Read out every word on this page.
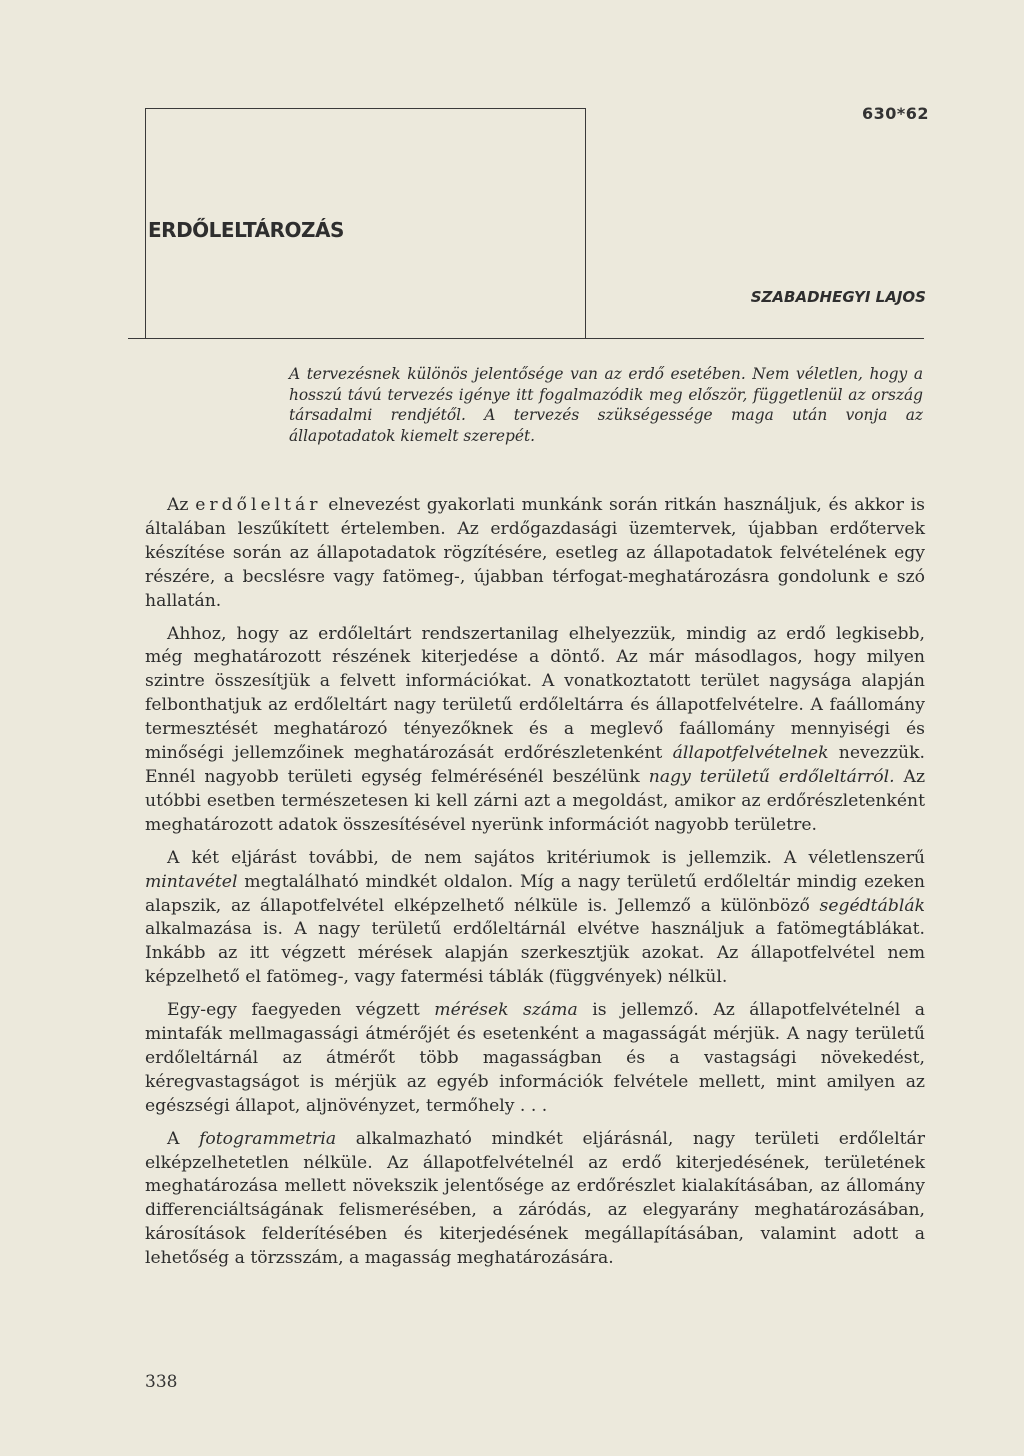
630*62
ERDŐLELTÁROZÁS
SZABADHEGYI LAJOS

A tervezésnek különös jelentősége van az erdő esetében. Nem véletlen, hogy a hosszú távú tervezés igénye itt fogalmazódik meg először, függetlenül az ország társadalmi rendjétől. A tervezés szükségessége maga után vonja az állapotadatok kiemelt szerepét.

Az erdőleltár elnevezést gyakorlati munkánk során ritkán használjuk, és akkor is általában leszűkített értelemben. Az erdőgazdasági üzemtervek, újabban erdőtervek készítése során az állapotadatok rögzítésére, esetleg az állapotadatok felvételének egy részére, a becslésre vagy fatömeg-, újabban térfogat-meghatározásra gondolunk e szó hallatán.

Ahhoz, hogy az erdőleltárt rendszertanilag elhelyezzük, mindig az erdő legkisebb, még meghatározott részének kiterjedése a döntő. Az már másodlagos, hogy milyen szintre összesítjük a felvett információkat. A vonatkoztatott terület nagysága alapján felbonthatjuk az erdőleltárt nagy területű erdőleltárra és állapotfelvételre. A faállomány termesztését meghatározó tényezőknek és a meglevő faállomány mennyiségi és minőségi jellemzőinek meghatározását erdőrészletenként állapotfelvételnek nevezzük. Ennél nagyobb területi egység felmérésénél beszélünk nagy területű erdőleltárról. Az utóbbi esetben természetesen ki kell zárni azt a megoldást, amikor az erdőrészletenként meghatározott adatok összesítésével nyerünk információt nagyobb területre.

A két eljárást további, de nem sajátos kritériumok is jellemzik. A véletlenszerű mintavétel megtalálható mindkét oldalon. Míg a nagy területű erdőleltár mindig ezeken alapszik, az állapotfelvétel elképzelhető nélküle is. Jellemző a különböző segédtáblák alkalmazása is. A nagy területű erdőleltárnál elvétve használjuk a fatömegtáblákat. Inkább az itt végzett mérések alapján szerkesztjük azokat. Az állapotfelvétel nem képzelhető el fatömeg-, vagy fatermési táblák (függvények) nélkül.

Egy-egy faegyeden végzett mérések száma is jellemző. Az állapotfelvételnél a mintafák mellmagassági átmérőjét és esetenként a magasságát mérjük. A nagy területű erdőleltárnál az átmérőt több magasságban és a vastagsági növekedést, kéregvastagságot is mérjük az egyéb információk felvétele mellett, mint amilyen az egészségi állapot, aljnövényzet, termőhely . . .

A fotogrammetria alkalmazható mindkét eljárásnál, nagy területi erdőleltár elképzelhetetlen nélküle. Az állapotfelvételnél az erdő kiterjedésének, területének meghatározása mellett növekszik jelentősége az erdőrészlet kialakításában, az állomány differenciáltságának felismerésében, a záródás, az elegyarány meghatározásában, károsítások felderítésében és kiterjedésének megállapításában, valamint adott a lehetőség a törzsszám, a magasság meghatározására.

338
